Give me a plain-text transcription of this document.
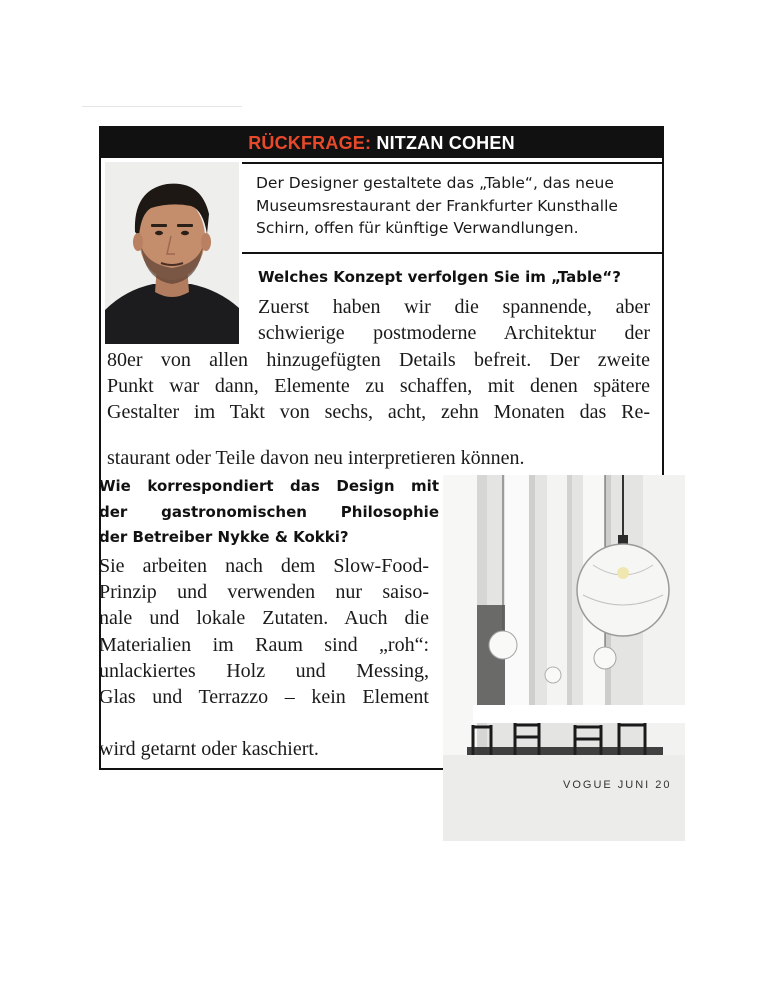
RÜCKFRAGE: NITZAN COHEN
Der Designer gestaltete das „Table“, das neue
Museumsrestaurant der Frankfurter Kunsthalle
Schirn, offen für künftige Verwandlungen.
Welches Konzept verfolgen Sie im „Table“?
Zuerst haben wir die spannende, aber
schwierige postmoderne Architektur der
80er von allen hinzugefügten Details befreit. Der zweite
Punkt war dann, Elemente zu schaffen, mit denen spätere
Gestalter im Takt von sechs, acht, zehn Monaten das Re-
staurant oder Teile davon neu interpretieren können.
Wie korrespondiert das Design mit
der gastronomischen Philosophie
der Betreiber Nykke & Kokki?
Sie arbeiten nach dem Slow-Food-
Prinzip und verwenden nur saiso-
nale und lokale Zutaten. Auch die
Materialien im Raum sind „roh“:
unlackiertes Holz und Messing,
Glas und Terrazzo – kein Element
wird getarnt oder kaschiert.
VOGUE JUNI 20
